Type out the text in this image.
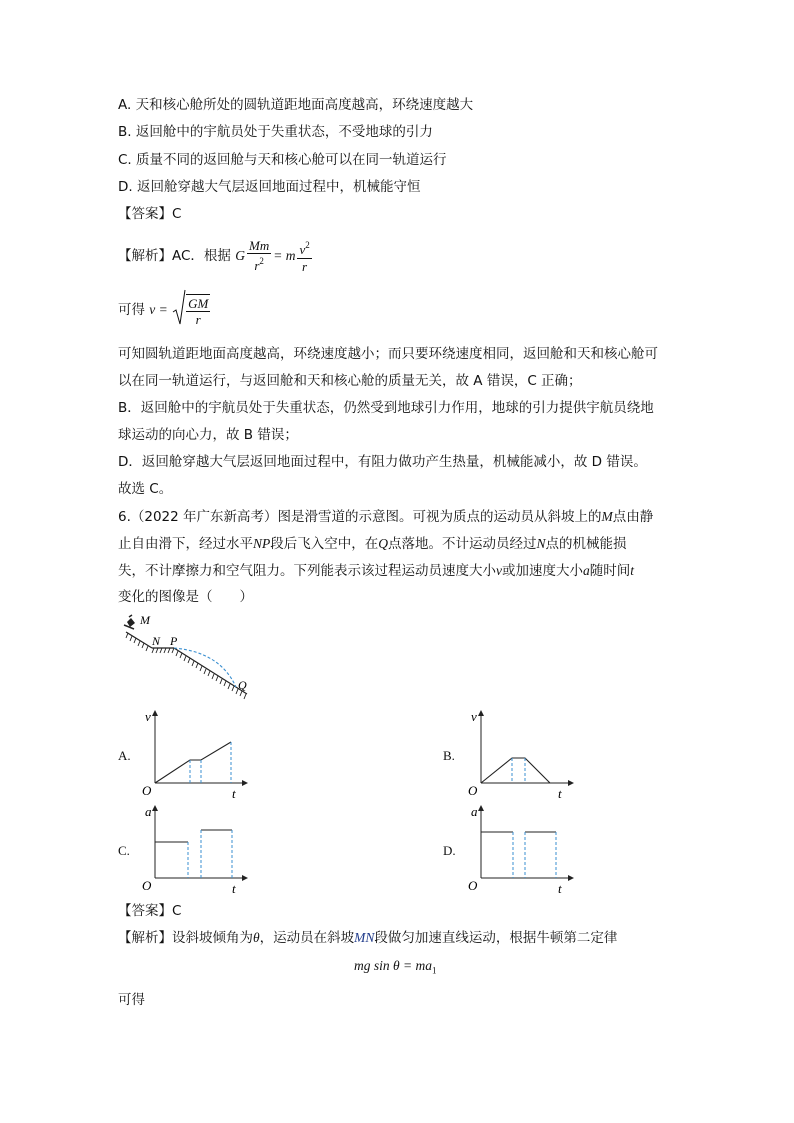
A. 天和核心舱所处的圆轨道距地面高度越高，环绕速度越大
B. 返回舱中的宇航员处于失重状态，不受地球的引力
C. 质量不同的返回舱与天和核心舱可以在同一轨道运行
D. 返回舱穿越大气层返回地面过程中，机械能守恒
【答案】C
【解析】AC．根据 G $\frac{Mm}{r^2} = m \frac{v^2}{r}$
可得 $v = \frac{GM}{r}$
可知圆轨道距地面高度越高，环绕速度越小；而只要环绕速度相同，返回舱和天和核心舱可
以在同一轨道运行，与返回舱和天和核心舱的质量无关，故 A 错误，C 正确；
B．返回舱中的宇航员处于失重状态，仍然受到地球引力作用，地球的引力提供宇航员绕地
球运动的向心力，故 B 错误；
D．返回舱穿越大气层返回地面过程中，有阻力做功产生热量，机械能减小，故 D 错误。
故选 C。
6.（2022 年广东新高考）图是滑雪道的示意图。可视为质点的运动员从斜坡上的M点由静
止自由滑下，经过水平NP段后飞入空中，在Q点落地。不计运动员经过N点的机械能损
失，不计摩擦力和空气阻力。下列能表示该过程运动员速度大小v或加速度大小a随时间t
变化的图像是（　　）
M
N P
Q
A.
v
O	t
B.
v
O	t
C.
a
O	t
D.
a
O	t
【答案】C
【解析】设斜坡倾角为θ，运动员在斜坡MN段做匀加速直线运动，根据牛顿第二定律
mg $\sin \theta = ma_1$
可得
